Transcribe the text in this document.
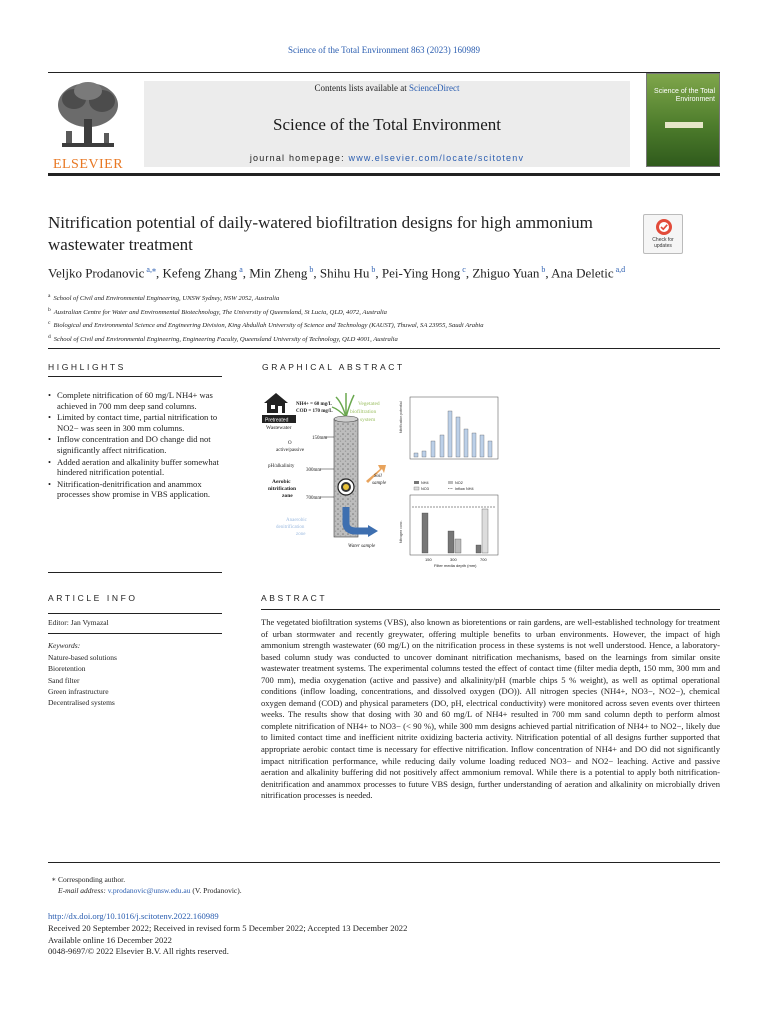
Science of the Total Environment 863 (2023) 160989
ELSEVIER
Contents lists available at ScienceDirect
Science of the Total Environment
journal homepage: www.elsevier.com/locate/scitotenv
Science of the Total Environment
Nitrification potential of daily-watered biofiltration designs for high ammonium wastewater treatment	Check for updates
Veljko Prodanovic $^{a,⁎}$, Kefeng Zhang $^a$, Min Zheng $^b$, Shihu Hu $^b$, Pei-Ying Hong $^c$, Zhiguo Yuan $^b$, Ana Deletic $^{a,d}$
$^a$ School of Civil and Environmental Engineering, UNSW Sydney, NSW 2052, Australia
$^b$ Australian Centre for Water and Environmental Biotechnology, The University of Queensland, St Lucia, QLD, 4072, Australia
$^c$ Biological and Environmental Science and Engineering Division, King Abdullah University of Science and Technology (KAUST), Thuwal, SA 23955, Saudi Arabia
$^d$ School of Civil and Environmental Engineering, Engineering Faculty, Queensland University of Technology, QLD 4001, Australia
HIGHLIGHTS
• Complete nitrification of 60 mg/L NH4+ was achieved in 700 mm deep sand columns.
• Limited by contact time, partial nitrification to NO2− was seen in 300 mm columns.
• Inflow concentration and DO change did not significantly affect nitrification.
• Added aeration and alkalinity buffer somewhat hindered nitrification potential.
• Nitrification-denitrification and anammox processes show promise in VBS application.
GRAPHICAL ABSTRACT
Pretreated
Wastewater
NH4+ = 60 mg/L
COD = 170 mg/L
Vegetated
biofiltration
system
150mm
O
active/passive
pH/alkalinity
300mm
Aerobic
nitrification
zone	700mm
Anaerobic
denitrification
zone
Soil
sample
Water sample
Nitrification potential
NH4	NO2
NO3	Inflow NH4
Nitrogen conc.
150	300	700
Filter media depth (mm)
ARTICLE INFO
Editor: Jan Vymazal
Keywords:
Nature-based solutions
Bioretention
Sand filter
Green infrastructure
Decentralised systems
ABSTRACT
The vegetated biofiltration systems (VBS), also known as bioretentions or rain gardens, are well-established technology for treatment of urban stormwater and recently greywater, offering multiple benefits to urban environments. However, the impact of high ammonium strength wastewater (60 mg/L) on the nitrification process in these systems is not well understood. Hence, a laboratory-based column study was conducted to uncover dominant nitrification mechanisms, based on the learnings from similar onsite wastewater treatment systems. The experimental columns tested the effect of contact time (filter media depth, 150 mm, 300 mm and 700 mm), media oxygenation (active and passive) and alkalinity/pH (marble chips 5 % weight), as well as optimal operational conditions (inflow loading, concentrations, and dissolved oxygen (DO)). All nitrogen species (NH4+, NO3−, NO2−), chemical oxygen demand (COD) and physical parameters (DO, pH, electrical conductivity) were monitored across seven events over thirteen weeks. The results show that dosing with 30 and 60 mg/L of NH4+ resulted in 700 mm sand column depth to perform almost complete nitrification of NH4+ to NO3− (< 90 %), while 300 mm designs achieved partial nitrification of NH4+ to NO2−, likely due to limited contact time and inefficient nitrite oxidizing bacteria activity. Nitrification potential of all designs further supported that appropriate aerobic contact time is necessary for effective nitrification. Inflow concentration of NH4+ and DO did not significantly impact nitrification performance, while reducing daily volume loading reduced NO3− and NO2− leaching. Active and passive aeration and alkalinity buffering did not positively affect ammonium removal. While there is a potential to apply both nitrification-denitrification and anammox processes to future VBS design, further understanding of aeration and alkalinity on microbially driven nitrification processes is needed.
⁎ Corresponding author.
E-mail address: v.prodanovic@unsw.edu.au (V. Prodanovic).
http://dx.doi.org/10.1016/j.scitotenv.2022.160989
Received 20 September 2022; Received in revised form 5 December 2022; Accepted 13 December 2022
Available online 16 December 2022
0048-9697/© 2022 Elsevier B.V. All rights reserved.
